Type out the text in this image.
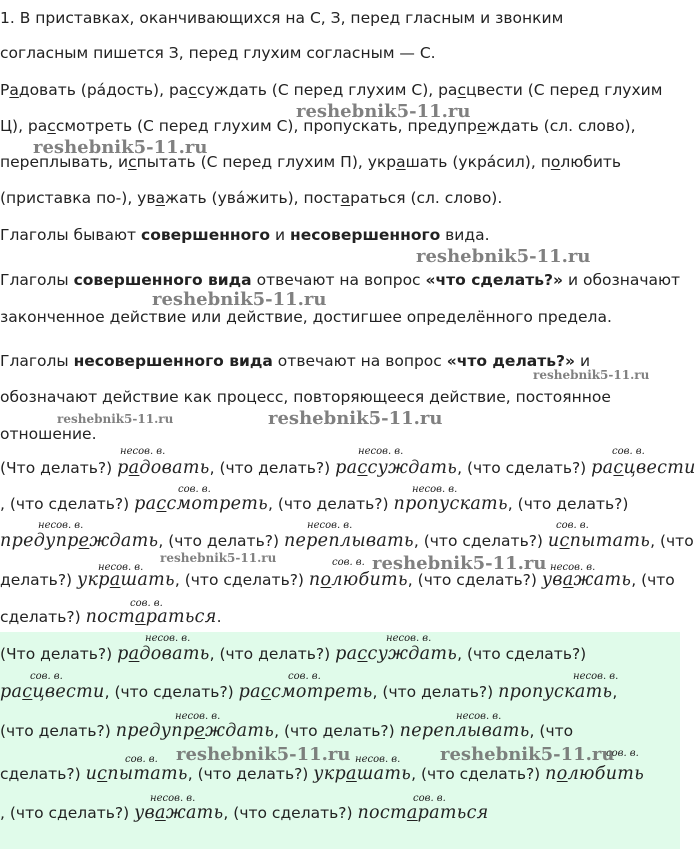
1. В приставках, оканчивающихся на С, З, перед гласным и звонким
согласным пишется З, перед глухим согласным — С.
Радовать (ра́дость), рассуждать (С перед глухим С), расцвести (С перед глухим
Ц), рассмотреть (С перед глухим С), пропускать, предупреждать (сл. слово),
переплывать, испытать (С перед глухим П), украшать (укра́сил), полюбить
(приставка по-), уважать (ува́жить), постараться (сл. слово).
Глаголы бывают совершенного и несовершенного вида.
Глаголы совершенного вида отвечают на вопрос «что сделать?» и обозначают
законченное действие или действие, достигшее определённого предела.
Глаголы несовершенного вида отвечают на вопрос «что делать?» и
обозначают действие как процесс, повторяющееся действие, постоянное
отношение.
(Что делать?) радовать, (что делать?) рассуждать, (что сделать?) расцвести
, (что сделать?) рассмотреть, (что делать?) пропускать, (что делать?)
предупреждать, (что делать?) переплывать, (что сделать?) испытать, (что
делать?) украшать, (что сделать?) полюбить, (что сделать?) уважать, (что
сделать?) постараться.
несов. в.	несов. в.	сов. в.
сов. в.	несов. в.
несов. в.	несов. в.	сов. в.
несов. в.	сов. в.	несов. в.
сов. в.
(Что делать?) радовать, (что делать?) рассуждать, (что сделать?)
расцвести, (что сделать?) рассмотреть, (что делать?) пропускать,
(что делать?) предупреждать, (что делать?) переплывать, (что
сделать?) испытать, (что делать?) украшать, (что сделать?) полюбить
, (что сделать?) уважать, (что сделать?) постараться
несов. в.	несов. в.
сов. в.	сов. в.	несов. в.
несов. в.	несов. в.
сов. в.	несов. в.
сов. в.
несов. в.	сов. в.
reshebnik5-11.ru
reshebnik5-11.ru
reshebnik5-11.ru
reshebnik5-11.ru
reshebnik5-11.ru
reshebnik5-11.ru	reshebnik5-11.ru
reshebnik5-11.ru	reshebnik5-11.ru
reshebnik5-11.ru	reshebnik5-11.ru
